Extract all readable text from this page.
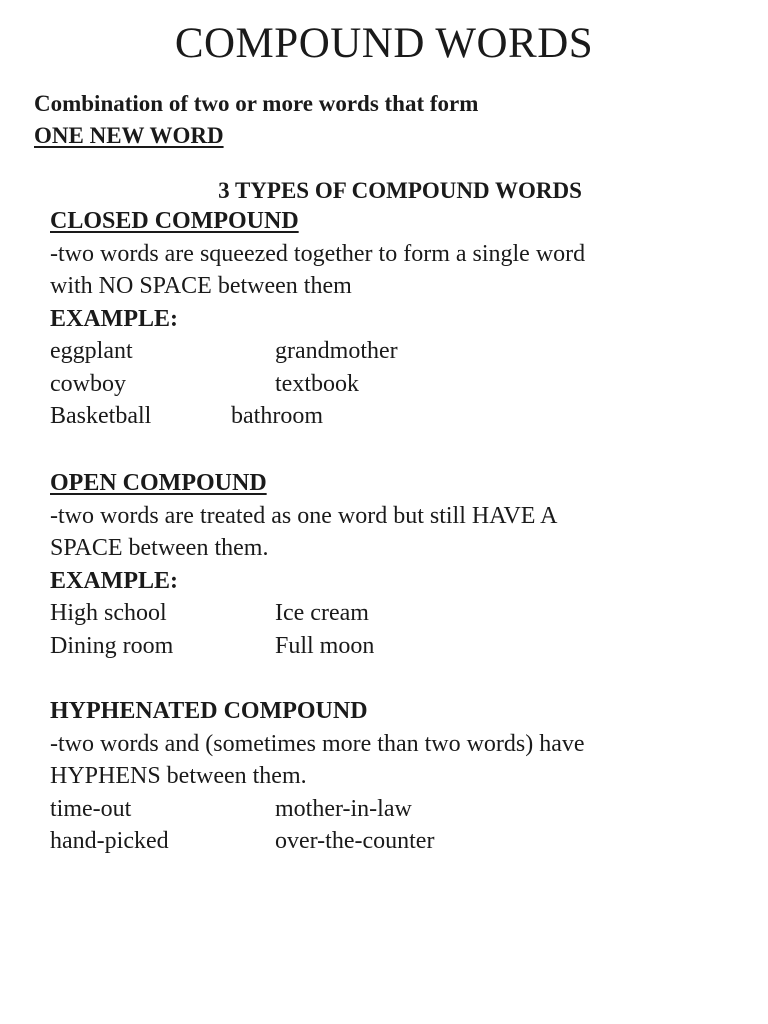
COMPOUND WORDS
Combination of two or more words that form
ONE NEW WORD
3 TYPES OF COMPOUND WORDS
CLOSED COMPOUND
-two words are squeezed together to form a single word
with NO SPACE between them
EXAMPLE:
eggplant	grandmother
cowboy	textbook
Basketball	bathroom
OPEN COMPOUND
-two words are treated as one word but still HAVE A
SPACE between them.
EXAMPLE:
High school	Ice cream
Dining room	Full moon
HYPHENATED COMPOUND
-two words and (sometimes more than two words) have
HYPHENS between them.
time-out	mother-in-law
hand-picked	over-the-counter
